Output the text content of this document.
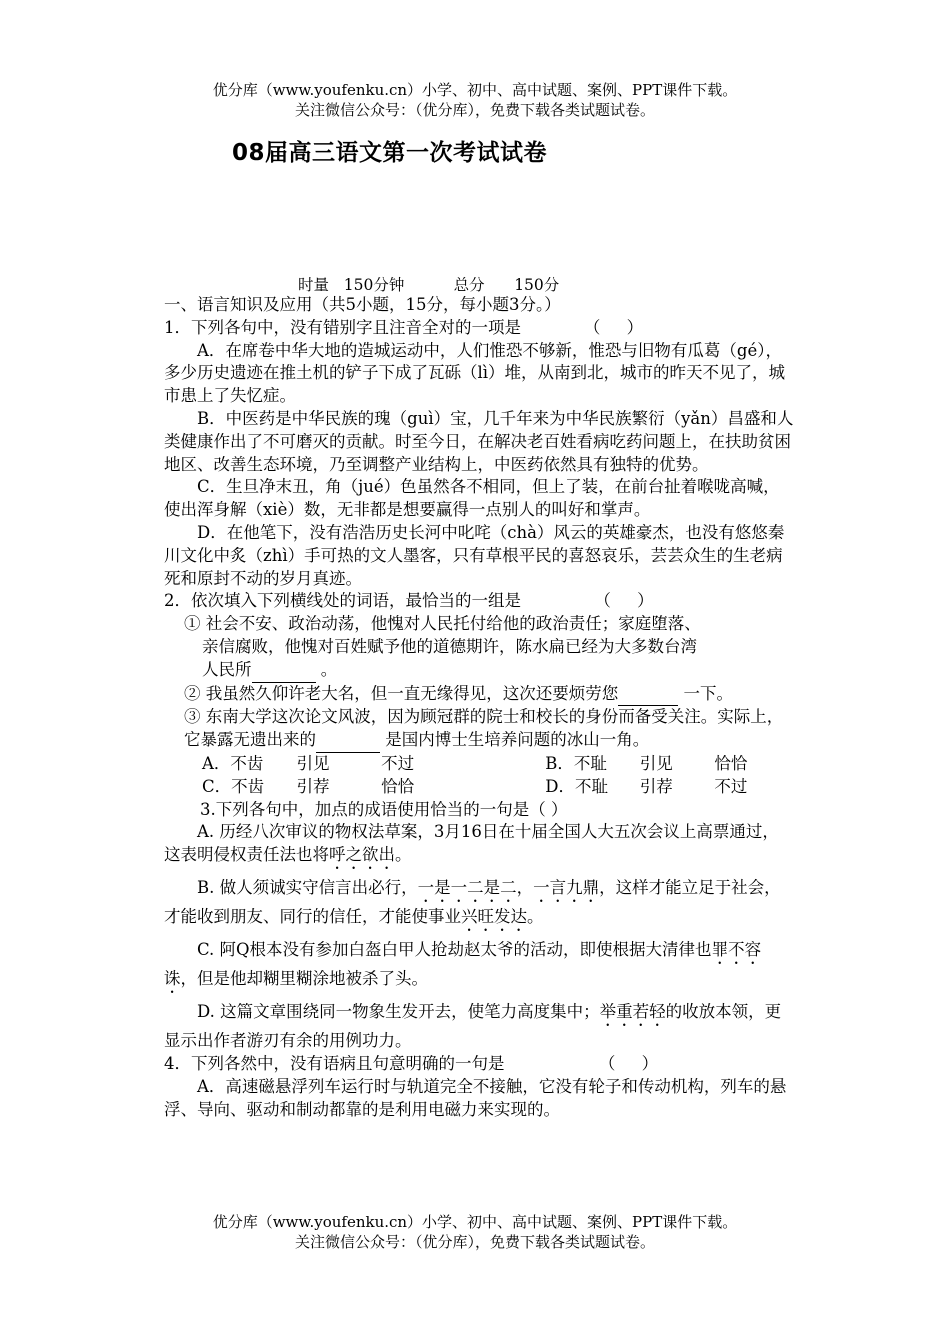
优分库（www.youfenku.cn）小学、初中、高中试题、案例、PPT课件下载。
关注微信公众号：（优分库），免费下载各类试题试卷。
08届高三语文第一次考试试卷
时量   150分钟          总分      150分

一、语言知识及应用（共5小题，15分，每小题3分。）

1．下列各句中，没有错别字且注音全对的一项是            （     ）

A．在席卷中华大地的造城运动中，人们惟恐不够新，惟恐与旧物有瓜葛（gé），多少历史遗迹在推土机的铲子下成了瓦砾（lì）堆，从南到北，城市的昨天不见了，城市患上了失忆症。

B．中医药是中华民族的瑰（guì）宝，几千年来为中华民族繁衍（yǎn）昌盛和人类健康作出了不可磨灭的贡献。时至今日，在解决老百姓看病吃药问题上，在扶助贫困地区、改善生态环境，乃至调整产业结构上，中医药依然具有独特的优势。

C．生旦净末丑，角（jué）色虽然各不相同，但上了装，在前台扯着喉咙高喊，使出浑身解（xiè）数，无非都是想要赢得一点别人的叫好和掌声。

D．在他笔下，没有浩浩历史长河中叱咤（chà）风云的英雄豪杰，也没有悠悠秦川文化中炙（zhì）手可热的文人墨客，只有草根平民的喜怒哀乐，芸芸众生的生老病死和原封不动的岁月真迹。

2．依次填入下列横线处的词语，最恰当的一组是              （     ）

① 社会不安、政治动荡，他愧对人民托付给他的政治责任；家庭堕落、

亲信腐败，他愧对百姓赋予他的道德期许，陈水扁已经为大多数台湾

人民所	。

② 我虽然久仰许老大名，但一直无缘得见，这次还要烦劳您	一下。

③ 东南大学这次论文风波，因为顾冠群的院士和校长的身份而备受关注。实际上，它暴露无遗出来的	是国内博士生培养问题的冰山一角。

A．不齿	引见	不过	B．不耻	引见	恰恰
C．不齿	引荐	恰恰	D．不耻	引荐	不过

3.下列各句中，加点的成语使用恰当的一句是（ ）

A. 历经八次审议的物权法草案，3月16日在十届全国人大五次会议上高票通过，这表明侵权责任法也将呼之欲出。

B. 做人须诚实守信言出必行，一是一二是二，一言九鼎，这样才能立足于社会，才能收到朋友、同行的信任，才能使事业兴旺发达。

C. 阿Q根本没有参加白盔白甲人抢劫赵太爷的活动，即使根据大清律也罪不容诛，但是他却糊里糊涂地被杀了头。

D. 这篇文章围绕同一物象生发开去，使笔力高度集中；举重若轻的收放本领，更显示出作者游刃有余的用例功力。

4．下列各然中，没有语病且句意明确的一句是                  （     ）

A．高速磁悬浮列车运行时与轨道完全不接触，它没有轮子和传动机构，列车的悬浮、导向、驱动和制动都靠的是利用电磁力来实现的。

优分库（www.youfenku.cn）小学、初中、高中试题、案例、PPT课件下载。
关注微信公众号：（优分库），免费下载各类试题试卷。
